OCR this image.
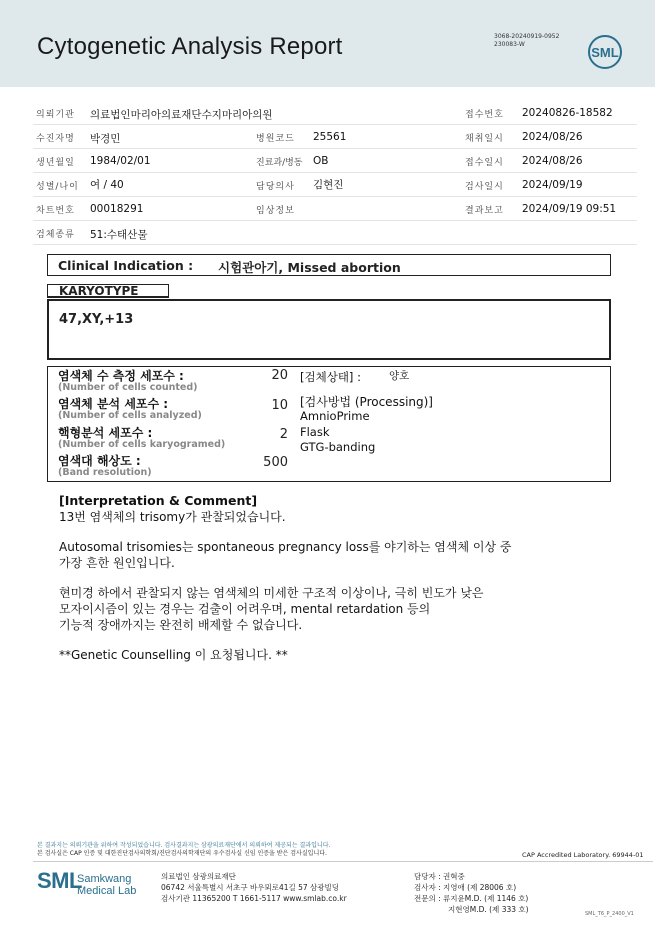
Cytogenetic Analysis Report	3068-20240919-0952
230083-W	SML
의뢰기관 의료법인마리아의료재단수지마리아의원	접수번호 20240826-18582
수진자명 박경민	병원코드 25561	채취일시 2024/08/26
생년월일 1984/02/01	진료과/병동 OB	접수일시 2024/08/26
성별/나이 여 / 40	담당의사 김현진	검사일시 2024/09/19
차트번호 00018291	임상정보	결과보고 2024/09/19 09:51
검체종류 51:수태산물
Clinical Indication : 시험관아기, Missed abortion
KARYOTYPE
47,XY,+13
염색체 수 측정 세포수 :
(Number of cells counted)
20
염색체 분석 세포수 :
(Number of cells analyzed)
10
핵형분석 세포수 :
(Number of cells karyogramed)
2
염색대 해상도 :
(Band resolution)
500
[검체상태] :	양호
[검사방법 (Processing)]
AmnioPrime
Flask
GTG-banding
[Interpretation & Comment]
13번 염색체의 trisomy가 관찰되었습니다.
Autosomal trisomies는 spontaneous pregnancy loss를 야기하는 염색체 이상 중
가장 흔한 원인입니다.
현미경 하에서 관찰되지 않는 염색체의 미세한 구조적 이상이나, 극히 빈도가 낮은
모자이시즘이 있는 경우는 검출이 어려우며, mental retardation 등의
기능적 장애까지는 완전히 배제할 수 없습니다.
**Genetic Counselling 이 요청됩니다. **
본 결과지는 의뢰기관을 위하여 작성되었습니다. 검사결과지는 삼광의료재단에서 의뢰하여 제공되는 결과입니다.
본 검사실은 CAP 인증 및 대한진단검사의학회/진단검사의학재단의 우수검사실 신임 인증을 받은 검사실입니다.	CAP Accredited Laboratory. 69944-01
SML
Samkwang
Medical Lab
의료법인 삼광의료재단
06742 서울특별시 서초구 바우뫼로41길 57 삼광빌딩
검사기관 11365200 T 1661-5117 www.smlab.co.kr
담당자 : 권혁중
검사자 : 지영애 (제 28006 호)
전문의 : 류지윤M.D. (제 1146 호)
지현영M.D. (제 333 호)	SML_T6_P_2400_V1
